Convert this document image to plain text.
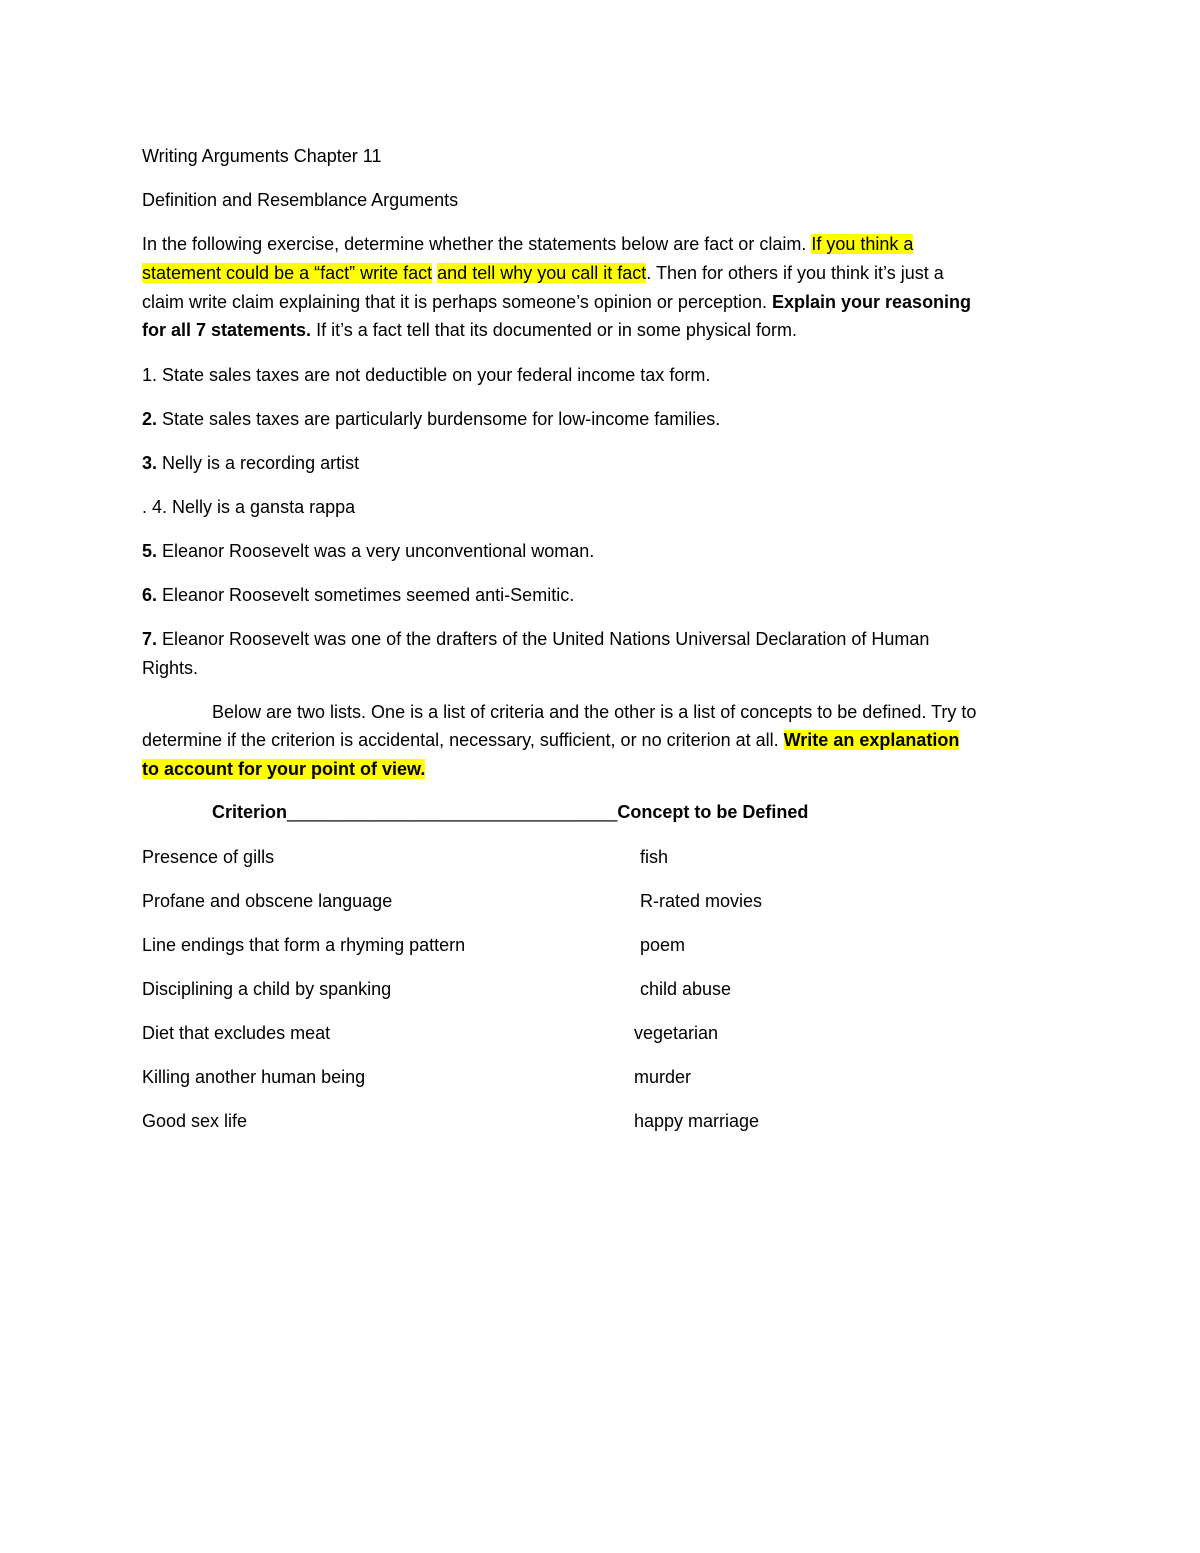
Writing Arguments Chapter 11
Definition and Resemblance Arguments
In the following exercise, determine whether the statements below are fact or claim. If you think a
statement could be a “fact” write fact and tell why you call it fact. Then for others if you think it’s just a
claim write claim explaining that it is perhaps someone’s opinion or perception. Explain your reasoning
for all 7 statements. If it’s a fact tell that its documented or in some physical form.
1. State sales taxes are not deductible on your federal income tax form.
2. State sales taxes are particularly burdensome for low-income families.
3. Nelly is a recording artist
. 4. Nelly is a gansta rappa
5. Eleanor Roosevelt was a very unconventional woman.
6. Eleanor Roosevelt sometimes seemed anti-Semitic.
7. Eleanor Roosevelt was one of the drafters of the United Nations Universal Declaration of Human
Rights.
Below are two lists. One is a list of criteria and the other is a list of concepts to be defined. Try to
determine if the criterion is accidental, necessary, sufficient, or no criterion at all. Write an explanation
to account for your point of view.
Criterion_________________________________Concept to be Defined
Presence of gills	fish
Profane and obscene language	R-rated movies
Line endings that form a rhyming pattern	poem
Disciplining a child by spanking	child abuse
Diet that excludes meat	vegetarian
Killing another human being	murder
Good sex life	happy marriage
